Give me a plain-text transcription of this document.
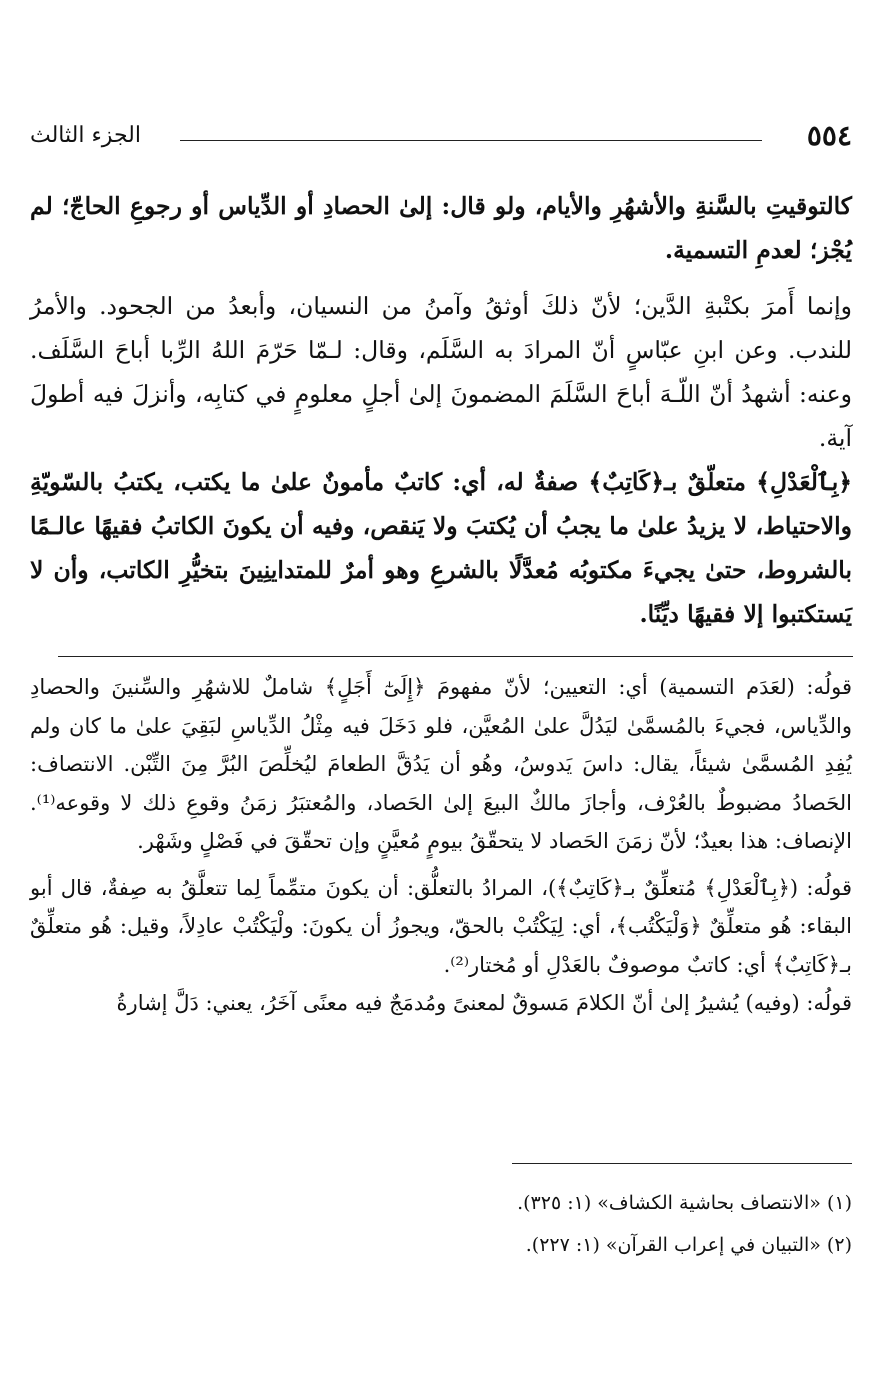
٥٥٤
الجزء الثالث

كالتوقيتِ بالسَّنةِ والأشهُرِ والأيام، ولو قال: إلىٰ الحصادِ أو الدِّياس أو رجوعِ الحاجّ؛ لم يُجْز؛ لعدمِ التسمية.

وإنما أَمرَ بكتْبةِ الدَّين؛ لأنّ ذلكَ أوثقُ وآمنُ من النسيان، وأبعدُ من الجحود. والأمرُ للندب. وعن ابنِ عبّاسٍ أنّ المرادَ به السَّلَم، وقال: لـمّا حَرّمَ اللهُ الرِّبا أباحَ السَّلَف. وعنه: أشهدُ أنّ اللّـهَ أباحَ السَّلَمَ المضمونَ إلىٰ أجلٍ معلومٍ في كتابِه، وأنزلَ فيه أطولَ آية.

﴿بِٱلْعَدْلِ﴾ متعلّقٌ بـ﴿كَاتِبٌ﴾ صفةٌ له، أي: كاتبٌ مأمونٌ علىٰ ما يكتب، يكتبُ بالسّويّةِ والاحتياط، لا يزيدُ علىٰ ما يجبُ أن يُكتبَ ولا يَنقص، وفيه أن يكونَ الكاتبُ فقيهًا عالـمًا بالشروط، حتىٰ يجيءَ مكتوبُه مُعدَّلًا بالشرعِ وهو أمرٌ للمتداينِينَ بتخيُّرِ الكاتب، وأن لا يَستكتبوا إلا فقيهًا ديِّنًا.

قولُه: (لعَدَم التسمية) أي: التعيين؛ لأنّ مفهومَ ﴿إِلَىٰٓ أَجَلٍ﴾ شاملٌ للاشهُرِ والسِّنينَ والحصادِ والدِّياس، فجيءَ بالمُسمَّىٰ ليَدُلَّ علىٰ المُعيَّن، فلو دَخَلَ فيه مِثْلُ الدِّياسِ لبَقِيَ علىٰ ما كان ولم يُفِدِ المُسمَّىٰ شيئاً، يقال: داسَ يَدوسُ، وهُو أن يَدُقَّ الطعامَ ليُخلِّصَ البُرَّ مِنَ التِّبْن. الانتصاف: الحَصادُ مضبوطٌ بالعُرْف، وأجازَ مالكٌ البيعَ إلىٰ الحَصاد، والمُعتبَرُ زمَنُ وقوعِ ذلك لا وقوعه⁽¹⁾. الإنصاف: هذا بعيدٌ؛ لأنّ زمَنَ الحَصاد لا يتحقّقُ بيومٍ مُعيَّنٍ وإن تحقّقَ في فَصْلٍ وشَهْر.

قولُه: (﴿بِٱلْعَدْلِ﴾ مُتعلِّقٌ بـ﴿كَاتِبٌ﴾)، المرادُ بالتعلُّق: أن يكونَ متمِّماً لِما تتعلَّقُ به صِفةٌ، قال أبو البقاء: هُو متعلِّقٌ ﴿وَلْيَكْتُب﴾، أي: لِيَكْتُبْ بالحقّ، ويجوزُ أن يكونَ: ولْيَكْتُبْ عادِلاً، وقيل: هُو متعلِّقٌ بـ﴿كَاتِبٌ﴾ أي: كاتبٌ موصوفٌ بالعَدْلِ أو مُختار⁽²⁾.

قولُه: (وفيه) يُشيرُ إلىٰ أنّ الكلامَ مَسوقٌ لمعنىً ومُدمَجٌ فيه معنًى آخَرُ، يعني: دَلَّ إشارةُ

(١) «الانتصاف بحاشية الكشاف» (١: ٣٢٥).
(٢) «التبيان في إعراب القرآن» (١: ٢٢٧).
